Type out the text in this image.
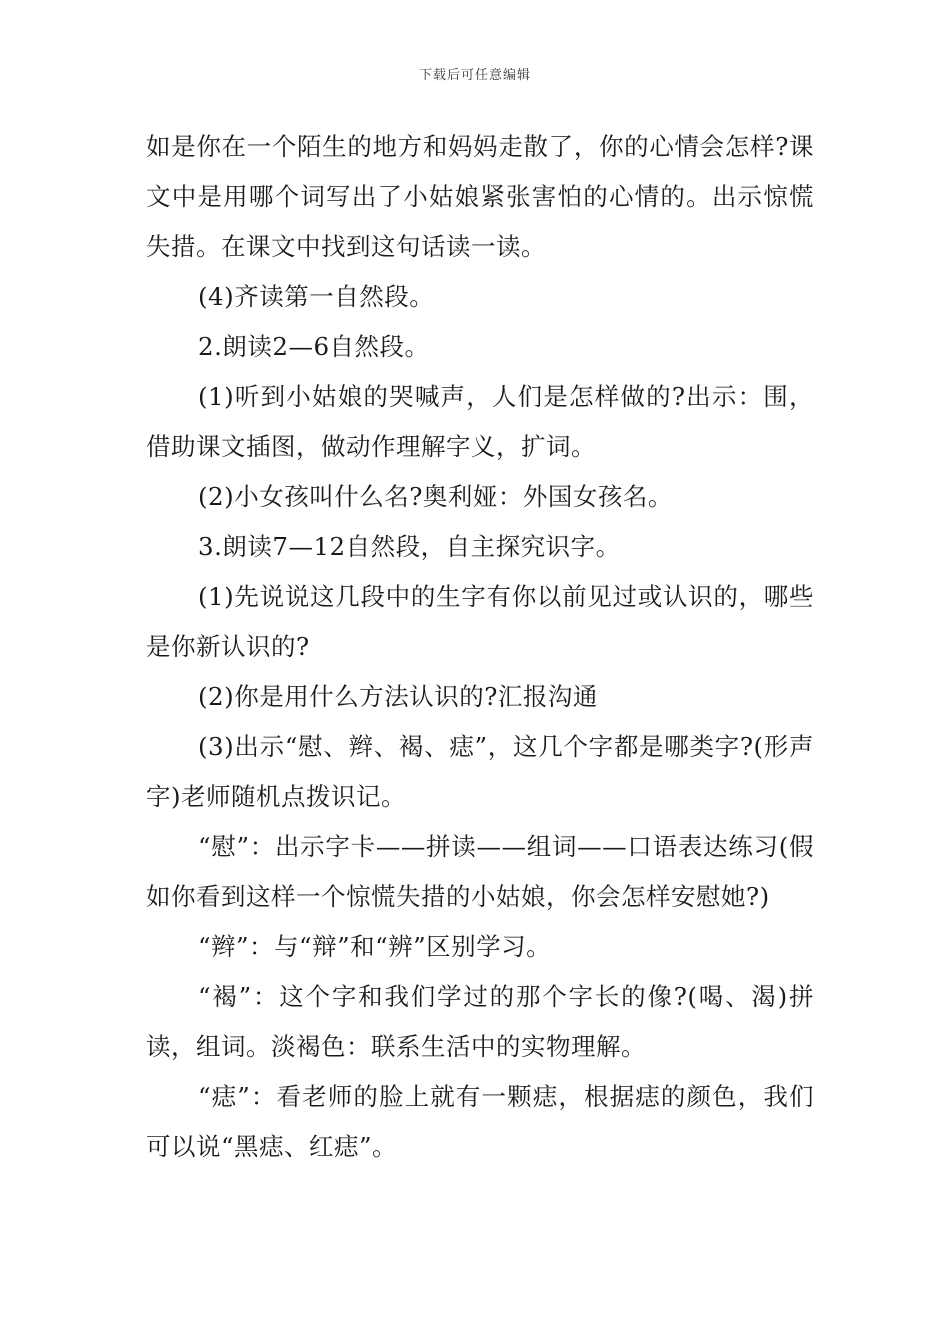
下载后可任意编辑

如是你在一个陌生的地方和妈妈走散了，你的心情会怎样?课文中是用哪个词写出了小姑娘紧张害怕的心情的。出示惊慌失措。在课文中找到这句话读一读。

(4)齐读第一自然段。

2.朗读2—6自然段。

(1)听到小姑娘的哭喊声，人们是怎样做的?出示：围，借助课文插图，做动作理解字义，扩词。

(2)小女孩叫什么名?奥利娅：外国女孩名。

3.朗读7—12自然段，自主探究识字。

(1)先说说这几段中的生字有你以前见过或认识的，哪些是你新认识的?

(2)你是用什么方法认识的?汇报沟通

(3)出示“慰、辫、褐、痣”，这几个字都是哪类字?(形声字)老师随机点拨识记。

“慰”：出示字卡——拼读——组词——口语表达练习(假如你看到这样一个惊慌失措的小姑娘，你会怎样安慰她?)

“辫”：与“辩”和“辨”区别学习。

“褐”：这个字和我们学过的那个字长的像?(喝、渴)拼读，组词。淡褐色：联系生活中的实物理解。

“痣”：看老师的脸上就有一颗痣，根据痣的颜色，我们可以说“黑痣、红痣”。
